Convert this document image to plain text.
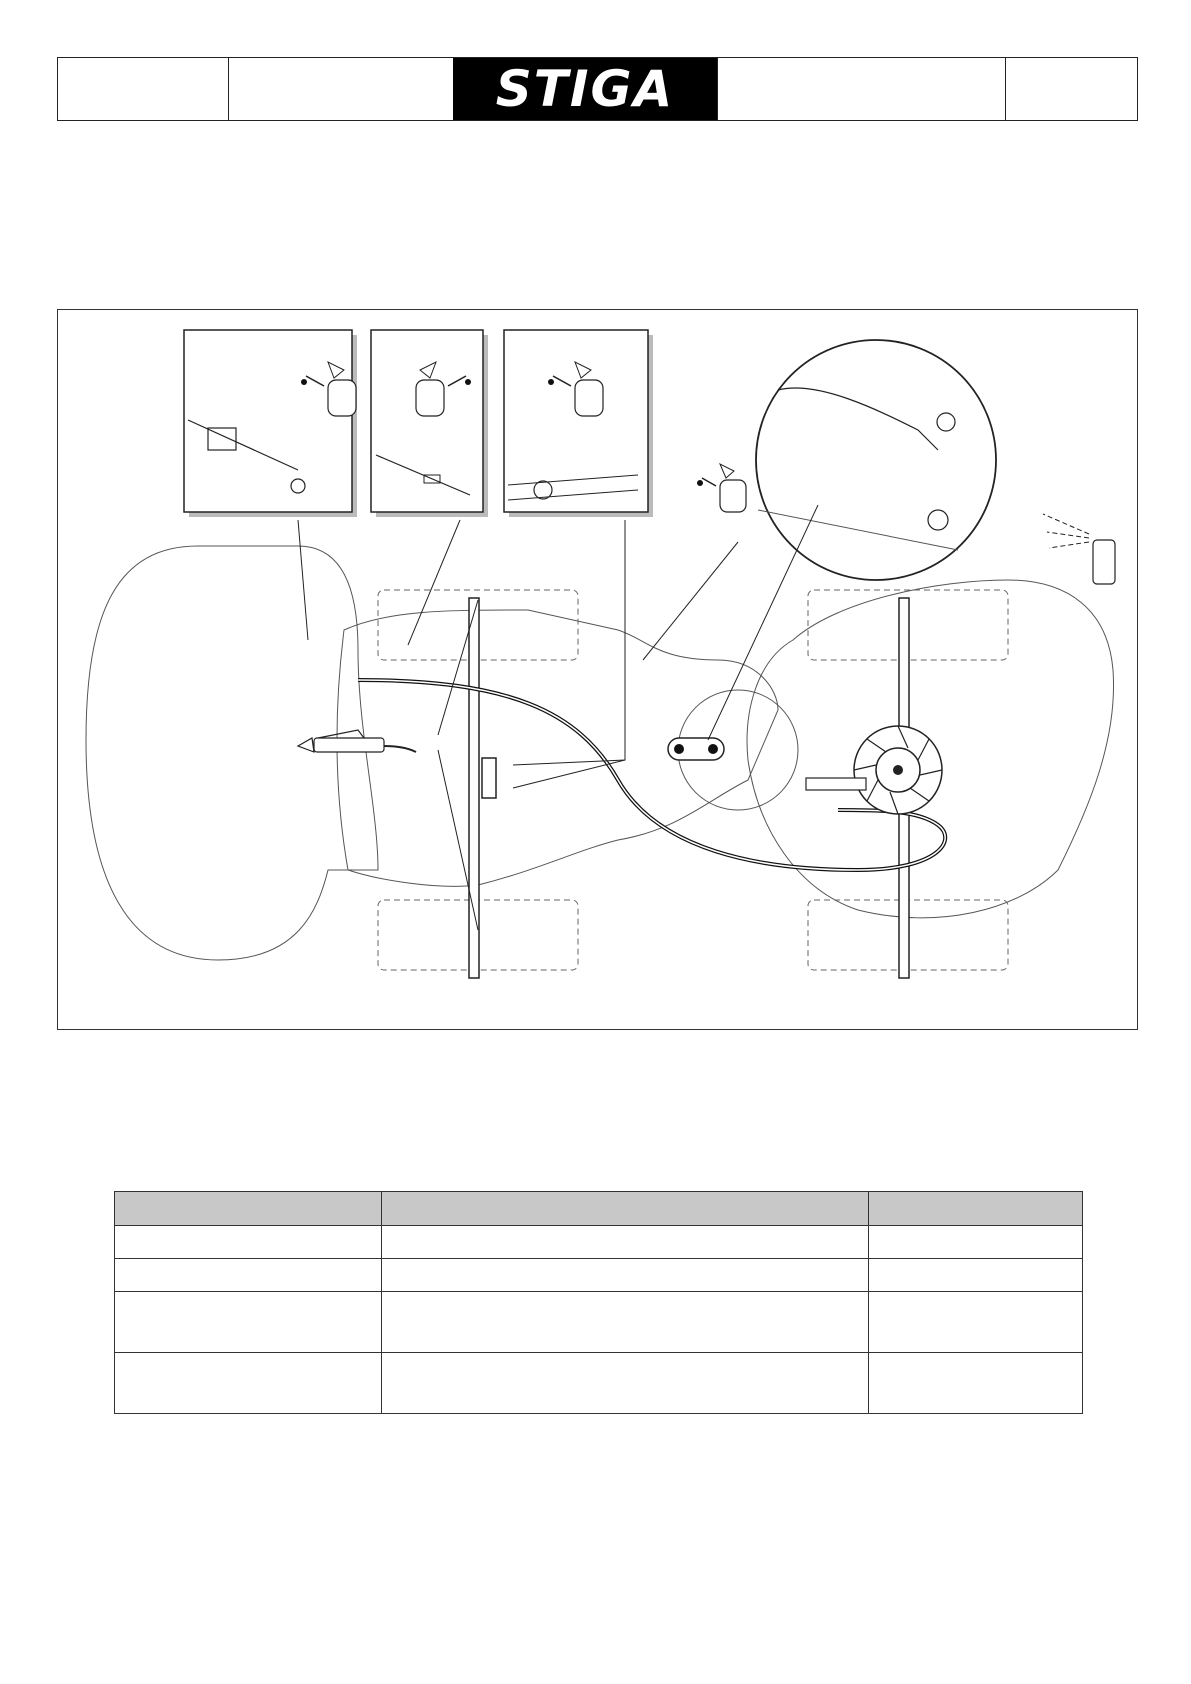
STIGA
